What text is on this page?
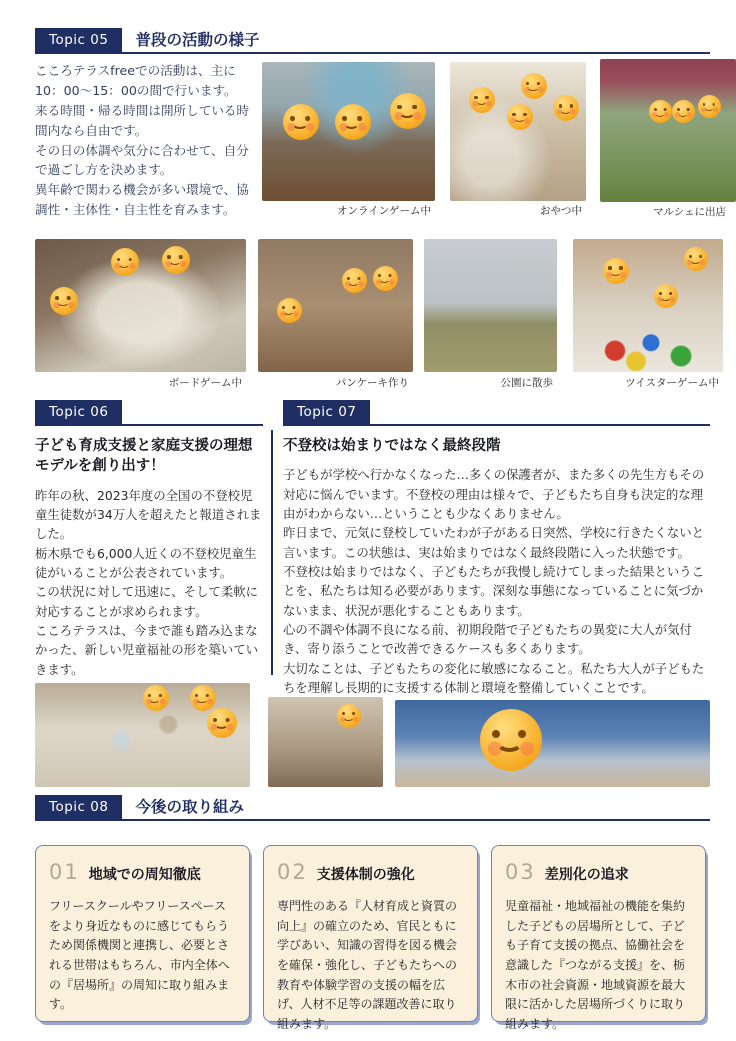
Topic 05	普段の活動の様子

こころテラスfreeでの活動は、主に10：00～15：00の間で行います。

来る時間・帰る時間は開所している時間内なら自由です。

その日の体調や気分に合わせて、自分で過ごし方を決めます。

異年齢で関わる機会が多い環境で、協調性・主体性・自主性を育みます。	オンラインゲーム中	おやつ中	マルシェに出店
ボードゲーム中	パンケーキ作り	公園に散歩	ツイスターゲーム中
Topic 06	Topic 07

子ども育成支援と家庭支援の理想モデルを創り出す！

昨年の秋、2023年度の全国の不登校児童生徒数が34万人を超えたと報道されました。

栃木県でも6,000人近くの不登校児童生徒がいることが公表されています。

この状況に対して迅速に、そして柔軟に対応することが求められます。

こころテラスは、今まで誰も踏み込まなかった、新しい児童福祉の形を築いていきます。

不登校は始まりではなく最終段階

子どもが学校へ行かなくなった…多くの保護者が、また多くの先生方もその対応に悩んでいます。不登校の理由は様々で、子どもたち自身も決定的な理由がわからない…ということも少なくありません。

昨日まで、元気に登校していたわが子がある日突然、学校に行きたくないと言います。この状態は、実は始まりではなく最終段階に入った状態です。

不登校は始まりではなく、子どもたちが我慢し続けてしまった結果ということを、私たちは知る必要があります。深刻な事態になっていることに気づかないまま、状況が悪化することもあります。

心の不調や体調不良になる前、初期段階で子どもたちの異変に大人が気付き、寄り添うことで改善できるケースも多くあります。

大切なことは、子どもたちの変化に敏感になること。私たち大人が子どもたちを理解し長期的に支援する体制と環境を整備していくことです。

Topic 08	今後の取り組み
01 地域での周知徹底
フリースクールやフリースペースをより身近なものに感じてもらうため関係機関と連携し、必要とされる世帯はもちろん、市内全体への『居場所』の周知に取り組みます。
02 支援体制の強化
専門性のある『人材育成と資質の向上』の確立のため、官民ともに学びあい、知識の習得を図る機会を確保・強化し、子どもたちへの教育や体験学習の支援の幅を広げ、人材不足等の課題改善に取り組みます。
03 差別化の追求
児童福祉・地域福祉の機能を集約した子どもの居場所として、子ども子育て支援の拠点、協働社会を意識した『つながる支援』を、栃木市の社会資源・地域資源を最大限に活かした居場所づくりに取り組みます。
